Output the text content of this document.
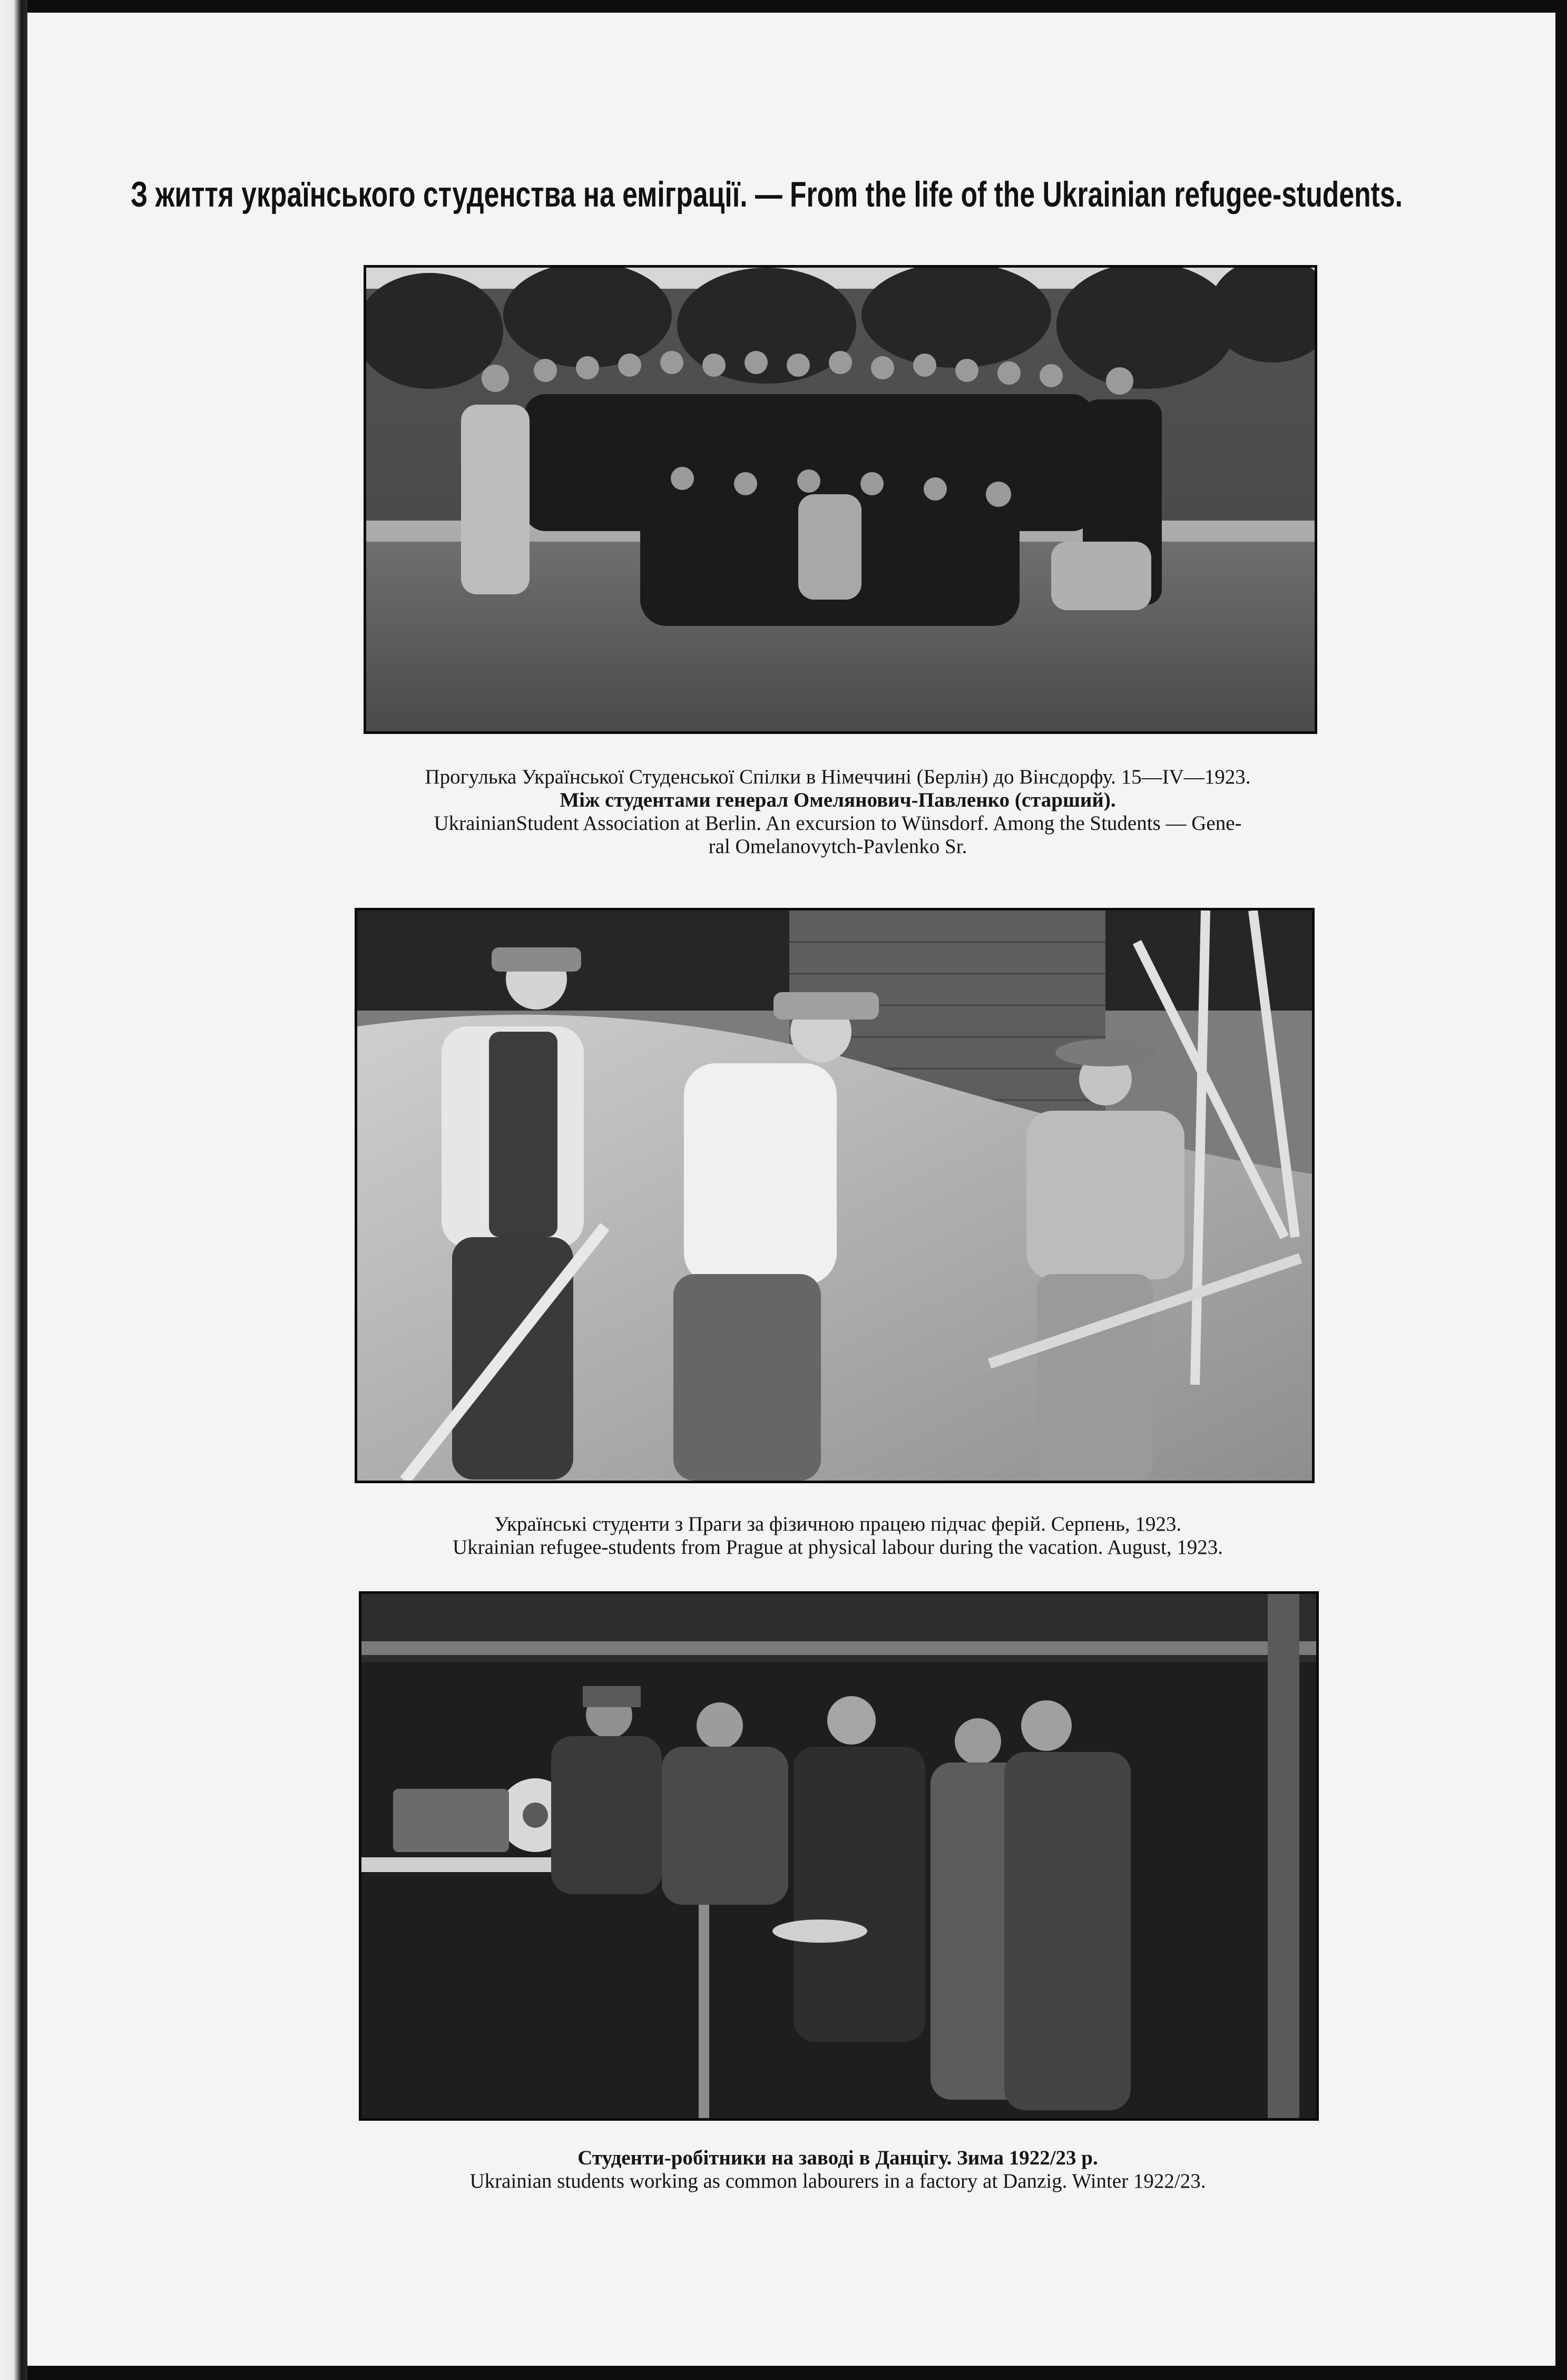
З життя українського студенства на еміграції. — From the life of the Ukrainian refugee-students.
Прогулька Української Студенської Спілки в Німеччині (Берлін) до Вінсдорфу. 15—IV—1923.
Між студентами генерал Омелянович-Павленко (старший).
UkrainianStudent Association at Berlin. An excursion to Wünsdorf. Among the Students — Gene-
ral Omelanovytch-Pavlenko Sr.
Українські студенти з Праги за фізичною працею підчас ферій. Серпень, 1923.
Ukrainian refugee-students from Prague at physical labour during the vacation. August, 1923.
Студенти-робітники на заводі в Данцігу. Зима 1922/23 р.
Ukrainian students working as common labourers in a factory at Danzig. Winter 1922/23.
